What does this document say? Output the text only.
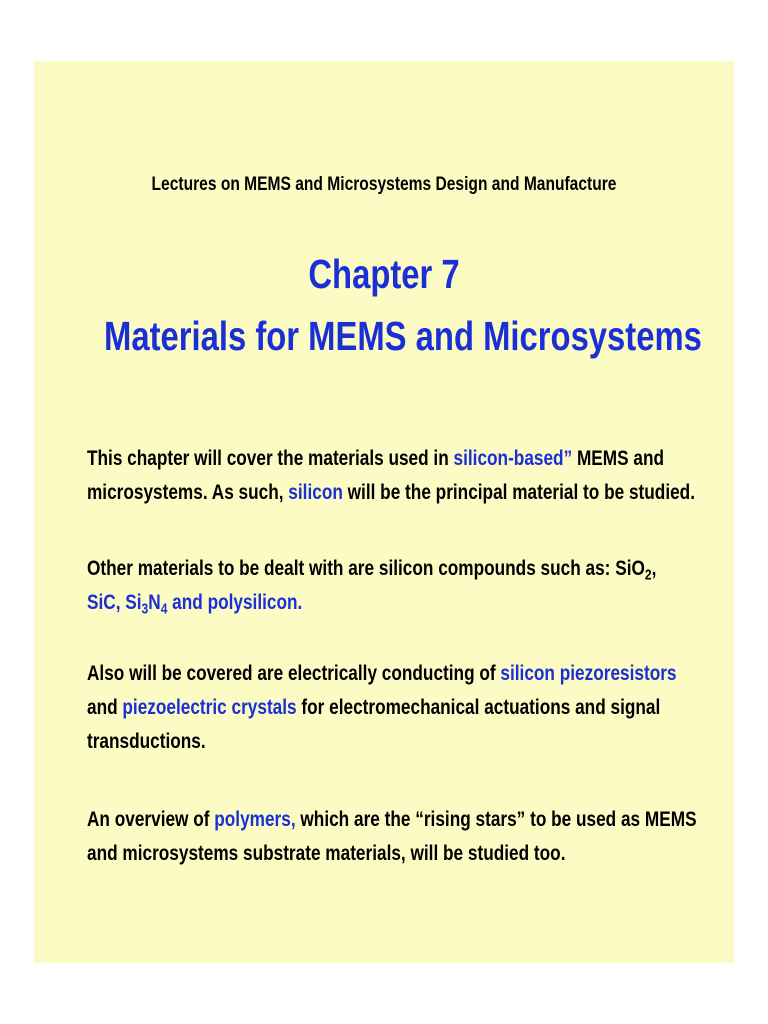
Lectures on MEMS and Microsystems Design and Manufacture
Chapter 7
Materials for MEMS and Microsystems
This chapter will cover the materials used in silicon-based” MEMS and
microsystems. As such, silicon will be the principal material to be studied.
Other materials to be dealt with are silicon compounds such as: SiO$_2$,
SiC, $Si_3N_4$ and polysilicon.
Also will be covered are electrically conducting of silicon piezoresistors
and piezoelectric crystals for electromechanical actuations and signal
transductions.
An overview of polymers, which are the “rising stars” to be used as MEMS
and microsystems substrate materials, will be studied too.
